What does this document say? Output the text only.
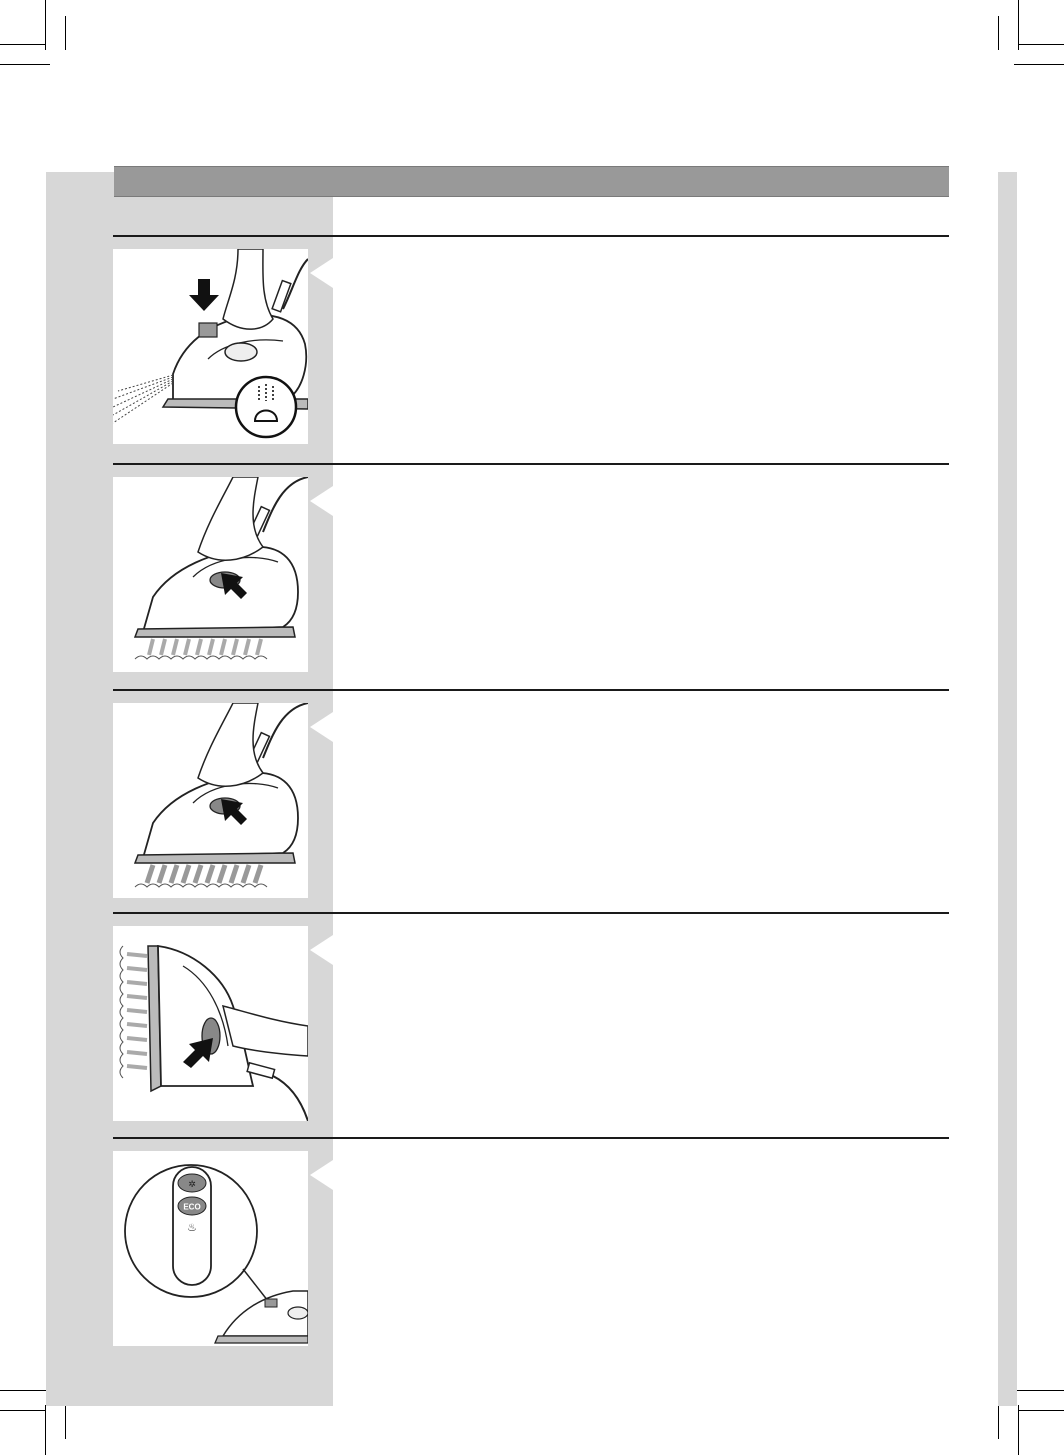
✲
ECO
♨
